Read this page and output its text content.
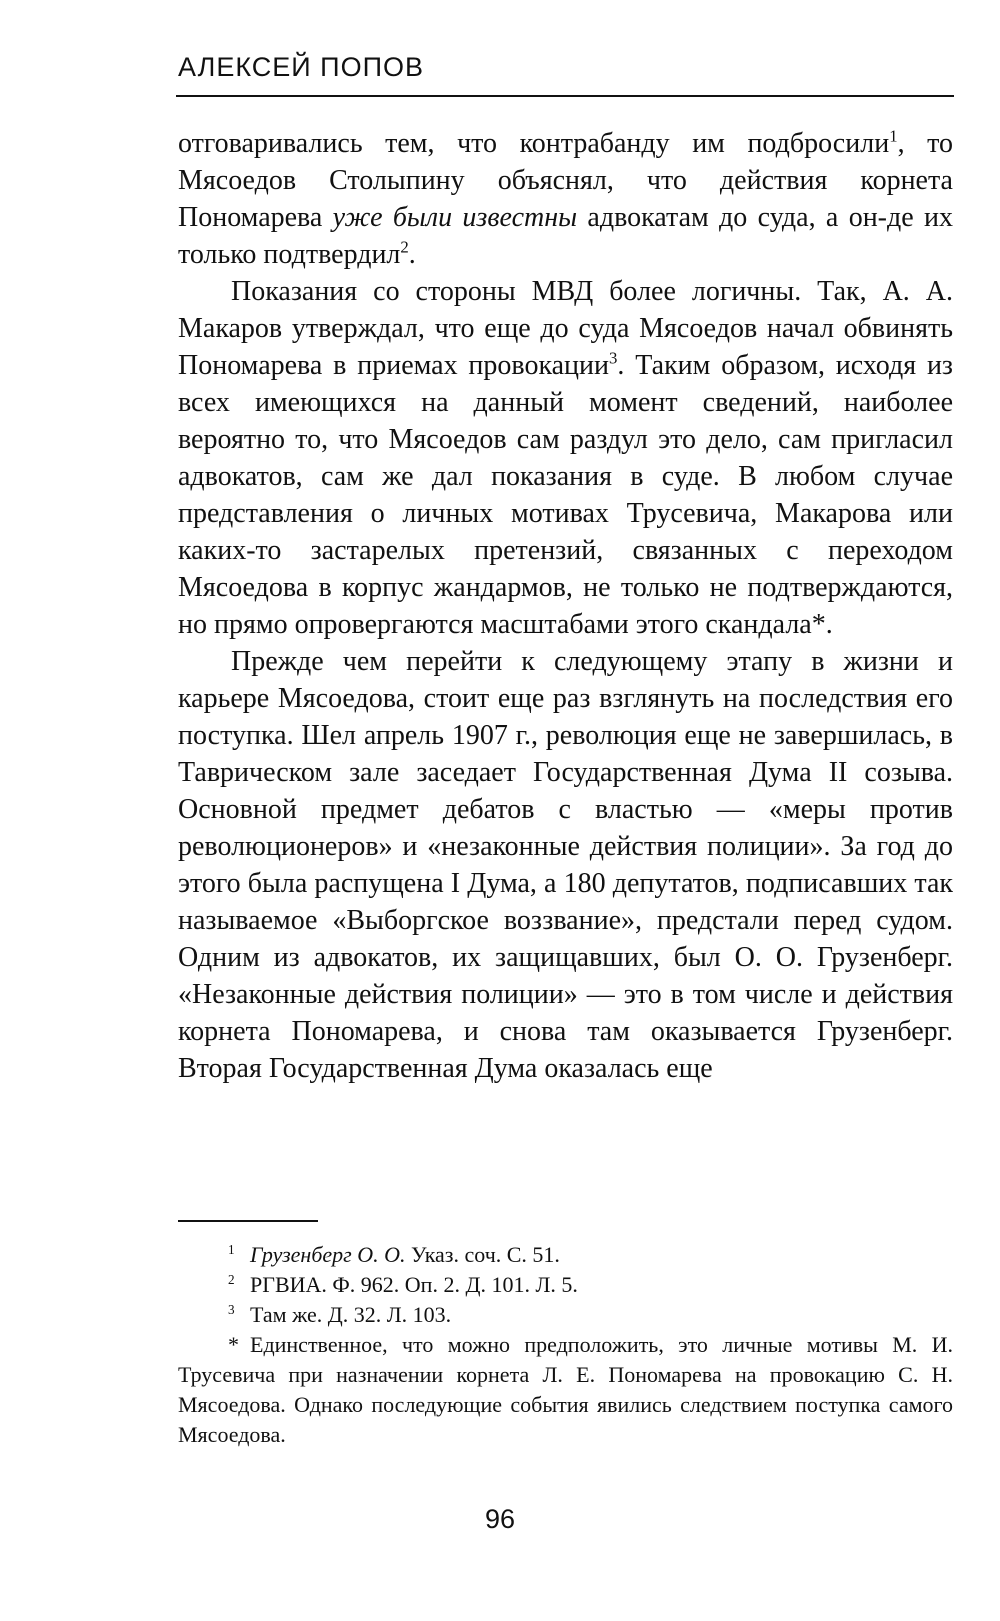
АЛЕКСЕЙ ПОПОВ

отговаривались тем, что контрабанду им подбросили$^1$, то Мясоедов Столыпину объяснял, что действия корнета Пономарева уже были известны адвокатам до суда, а он-де их только подтвердил$^2$.

Показания со стороны МВД более логичны. Так, А. А. Макаров утверждал, что еще до суда Мясоедов начал обвинять Пономарева в приемах провокации$^3$. Таким образом, исходя из всех имеющихся на данный момент сведений, наиболее вероятно то, что Мясоедов сам раздул это дело, сам пригласил адвокатов, сам же дал показания в суде. В любом случае представления о личных мотивах Трусевича, Макарова или каких-то застарелых претензий, связанных с переходом Мясоедова в корпус жандармов, не только не подтверждаются, но прямо опровергаются масштабами этого скандала*.

Прежде чем перейти к следующему этапу в жизни и карьере Мясоедова, стоит еще раз взглянуть на последствия его поступка. Шел апрель 1907 г., революция еще не завершилась, в Таврическом зале заседает Государственная Дума II созыва. Основной предмет дебатов с властью — «меры против революционеров» и «незаконные действия полиции». За год до этого была распущена I Дума, а 180 депутатов, подписавших так называемое «Выборгское воззвание», предстали перед судом. Одним из адвокатов, их защищавших, был О. О. Грузенберг. «Незаконные действия полиции» — это в том числе и действия корнета Пономарева, и снова там оказывается Грузенберг. Вторая Государственная Дума оказалась еще

$^1$ Грузенберг О. О. Указ. соч. С. 51.

$^2$ РГВИА. Ф. 962. Оп. 2. Д. 101. Л. 5.

$^3$ Там же. Д. 32. Л. 103.

* Единственное, что можно предположить, это личные мотивы М. И. Трусевича при назначении корнета Л. Е. Пономарева на провокацию С. Н. Мясоедова. Однако последующие события явились следствием поступка самого Мясоедова.

96
